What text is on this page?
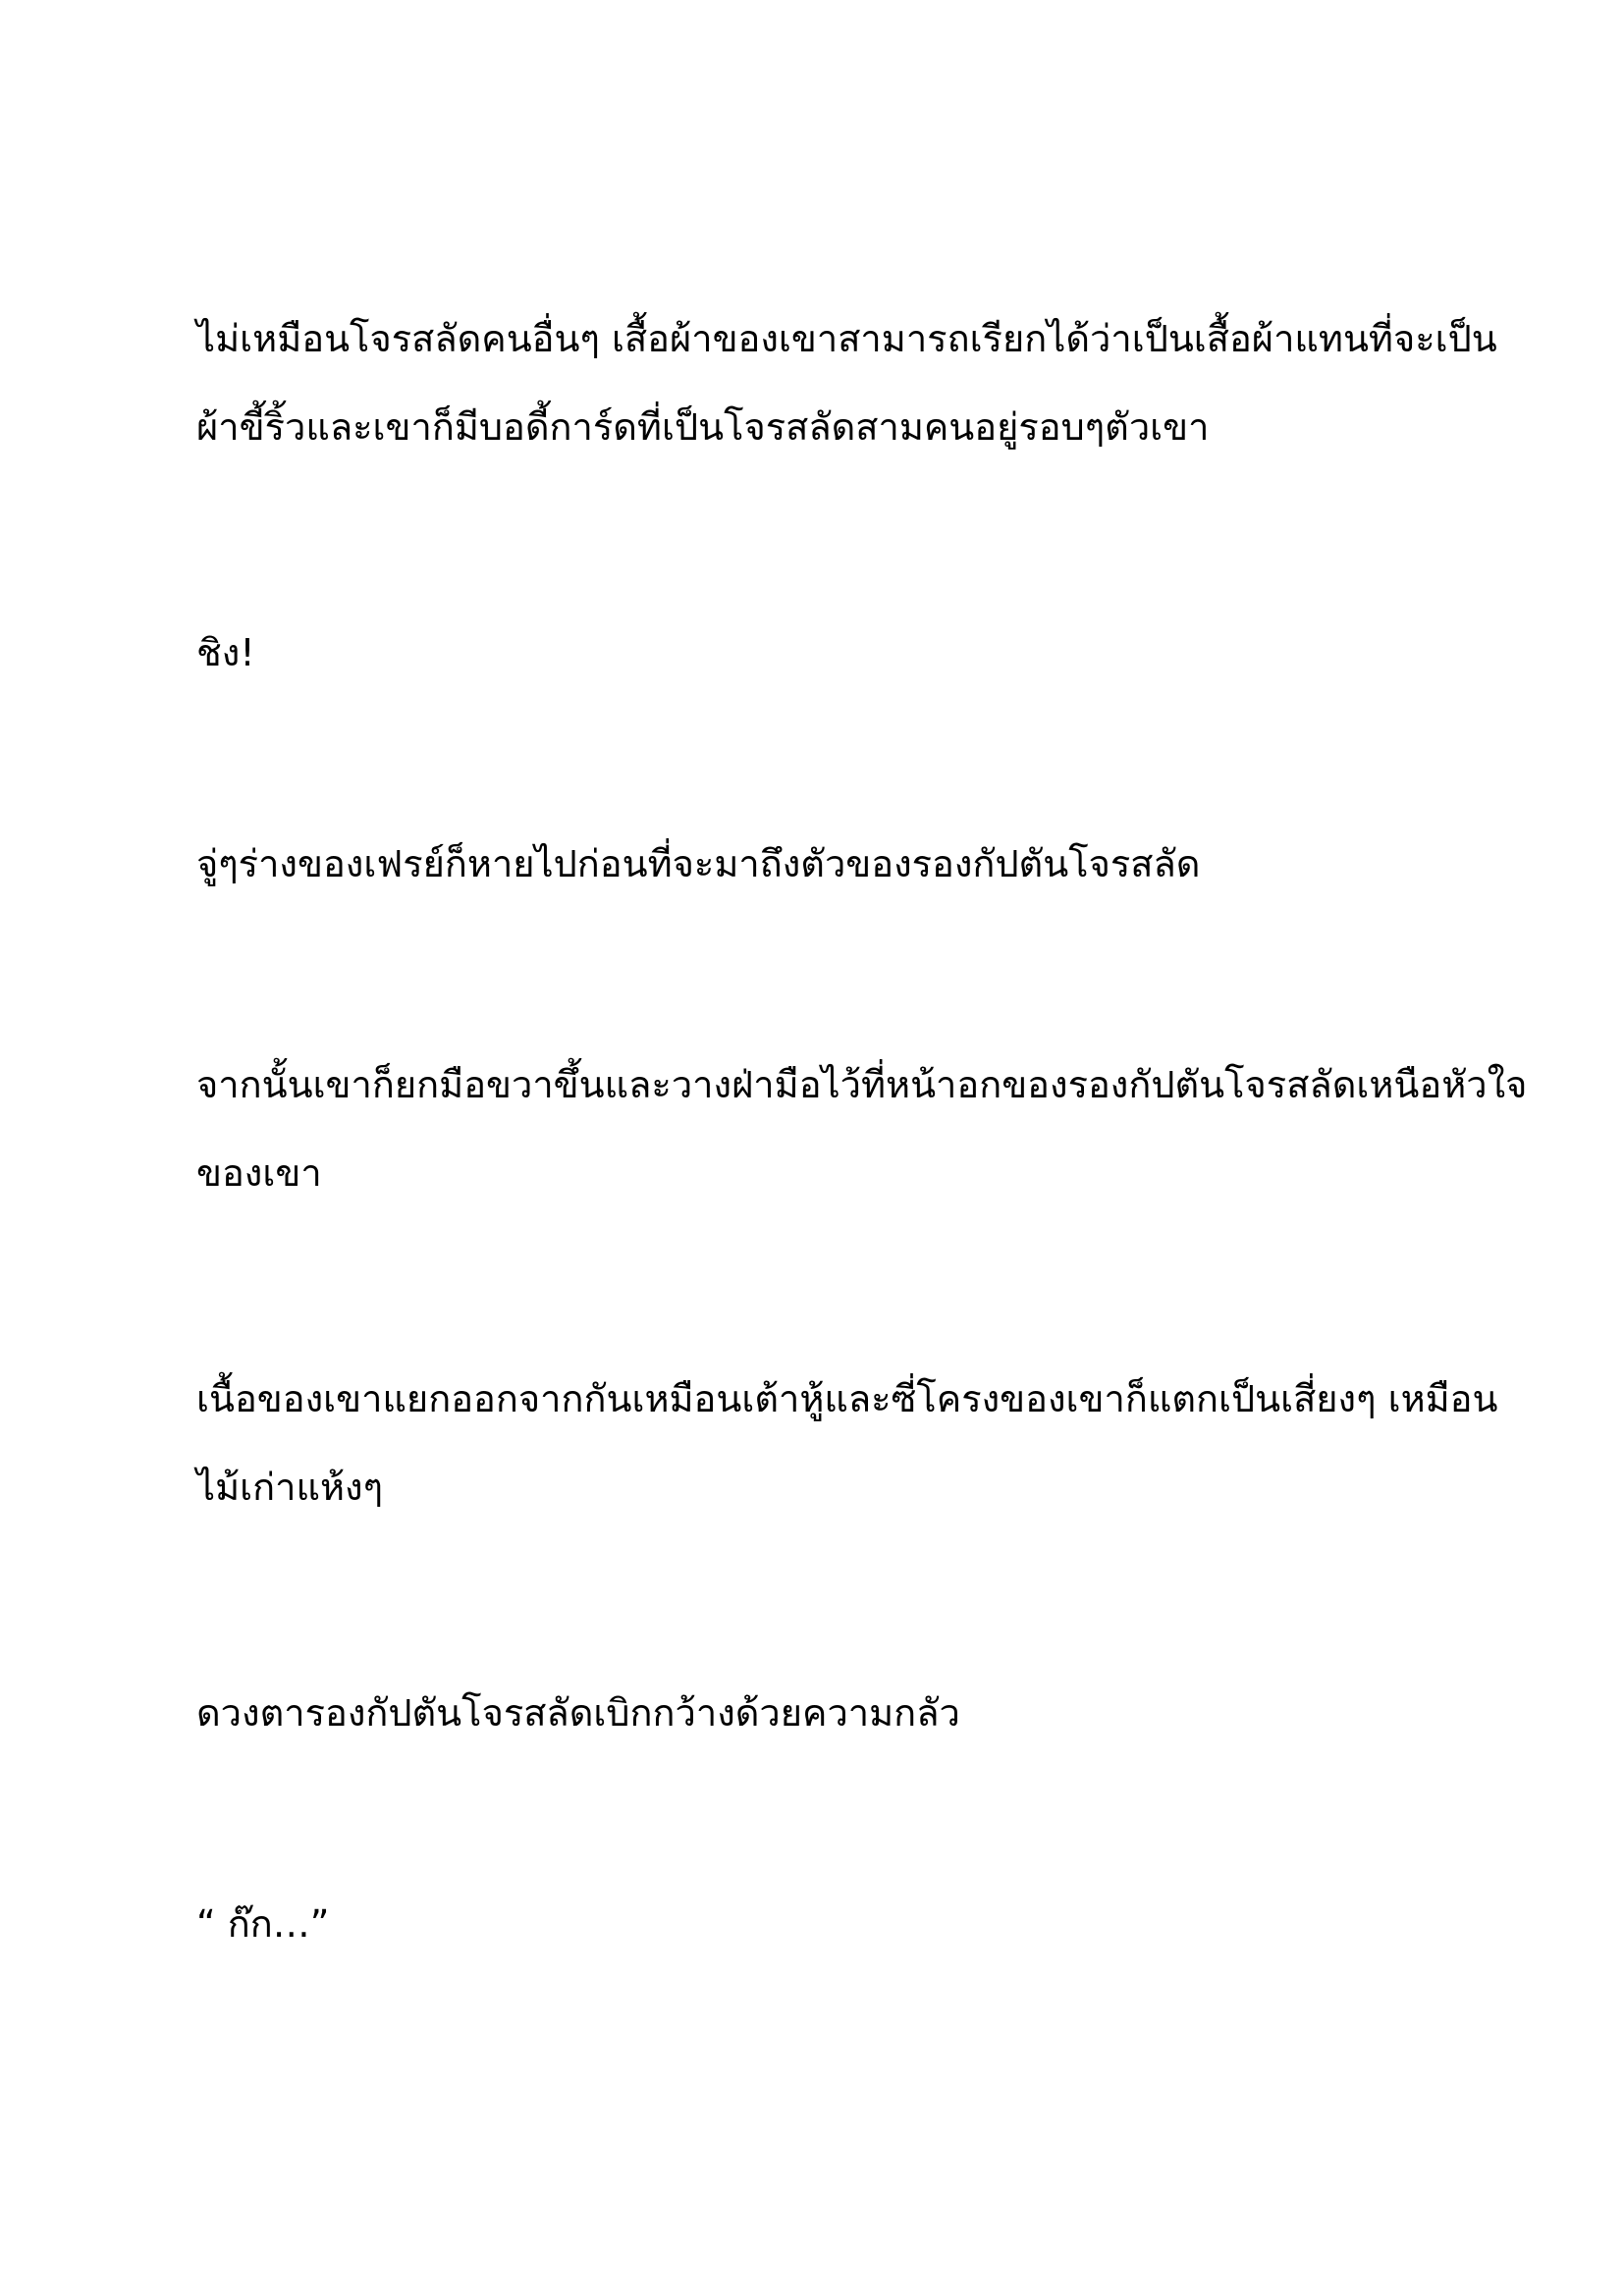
ไม่เหมือนโจรสลัดคนอื่นๆ เสื้อผ้าของเขาสามารถเรียกได้ว่าเป็นเสื้อผ้าแทนที่จะเป็น
ผ้าขี้ริ้วและเขาก็มีบอดี้การ์ดที่เป็นโจรสลัดสามคนอยู่รอบๆตัวเขา

ชิง!

จู่ๆร่างของเฟรย์ก็หายไปก่อนที่จะมาถึงตัวของรองกัปตันโจรสลัด

จากนั้นเขาก็ยกมือขวาขึ้นและวางฝ่ามือไว้ที่หน้าอกของรองกัปตันโจรสลัดเหนือหัวใจ
ของเขา

เนื้อของเขาแยกออกจากกันเหมือนเต้าหู้และซี่โครงของเขาก็แตกเป็นเสี่ยงๆ เหมือน
ไม้เก่าแห้งๆ

ดวงตารองกัปตันโจรสลัดเบิกกว้างด้วยความกลัว

“ ก๊ก…”
